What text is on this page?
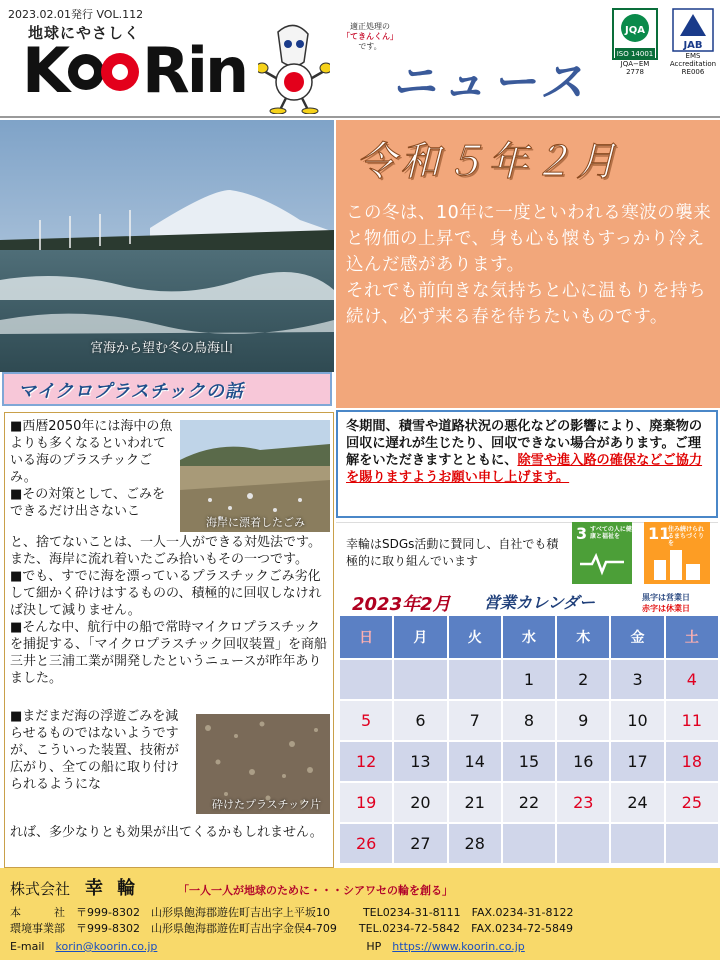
2023.02.01発行 VOL.112
地球にやさしく
K Rin
適正処理の
「てきんくん」
です。
ニュース
JQA
ISO 14001
JQA−EM
2778
JAB
EMS Accreditation
RE006
宮海から望む冬の鳥海山
令和５年２月
この冬は、10年に一度といわれる寒波の襲来と物価の上昇で、身も心も懐もすっかり冷え込んだ感があります。
それでも前向きな気持ちと心に温もりを持ち続け、必ず来る春を待ちたいものです。
マイクロプラスチックの話
■西暦2050年には海中の魚よりも多くなるといわれている海のプラスチックごみ。
■その対策として、ごみをできるだけ出さないこ
海岸に漂着したごみ
と、捨てないことは、一人一人ができる対処法です。また、海岸に流れ着いたごみ拾いもその一つです。
■でも、すでに海を漂っているプラスチックごみ劣化して細かく砕けはするものの、積極的に回収しなければ決して減りません。
■そんな中、航行中の船で常時マイクロプラスチックを捕捉する、「マイクロプラスチック回収装置」を商船三井と三浦工業が開発したというニュースが昨年ありました。
■まだまだ海の浮遊ごみを減らせるものではないようですが、こういった装置、技術が広がり、全ての船に取り付けられるようにな
砕けたプラスチック片
れば、多少なりとも効果が出てくるかもしれません。
冬期間、積雪や道路状況の悪化などの影響により、廃棄物の回収に遅れが生じたり、回収できない場合があります。ご理解をいただきますとともに、除雪や進入路の確保などご協力を賜りますようお願い申し上げます。
幸輪はSDGs活動に賛同し、自社でも積極的に取り組んでいます
3 すべての人に健康と福祉を	11
住み続けられるまちづくりを
2023年2月 営業カレンダー	黒字は営業日
赤字は休業日
日	月	火	水	木	金	土
			1	2	3	4
5	6	7	8	9	10	11
12	13	14	15	16	17	18
19	20	21	22	23	24	25
26	27	28				
株式会社　 幸 輪	「一人一人が地球のために・・・シアワセの輪を創る」
本　　　社　〒999-8302　山形県飽海郡遊佐町吉出字上平坂10　　　TEL0234-31-8111　FAX.0234-31-8122
環境事業部　〒999-8302　山形県飽海郡遊佐町吉出字金俣4-709　　TEL.0234-72-5842　FAX.0234-72-5849
E-mail　 korin@koorin.co.jp　　　　　　　　　　　　　　　　　　　	HP　 https://www.koorin.co.jp
